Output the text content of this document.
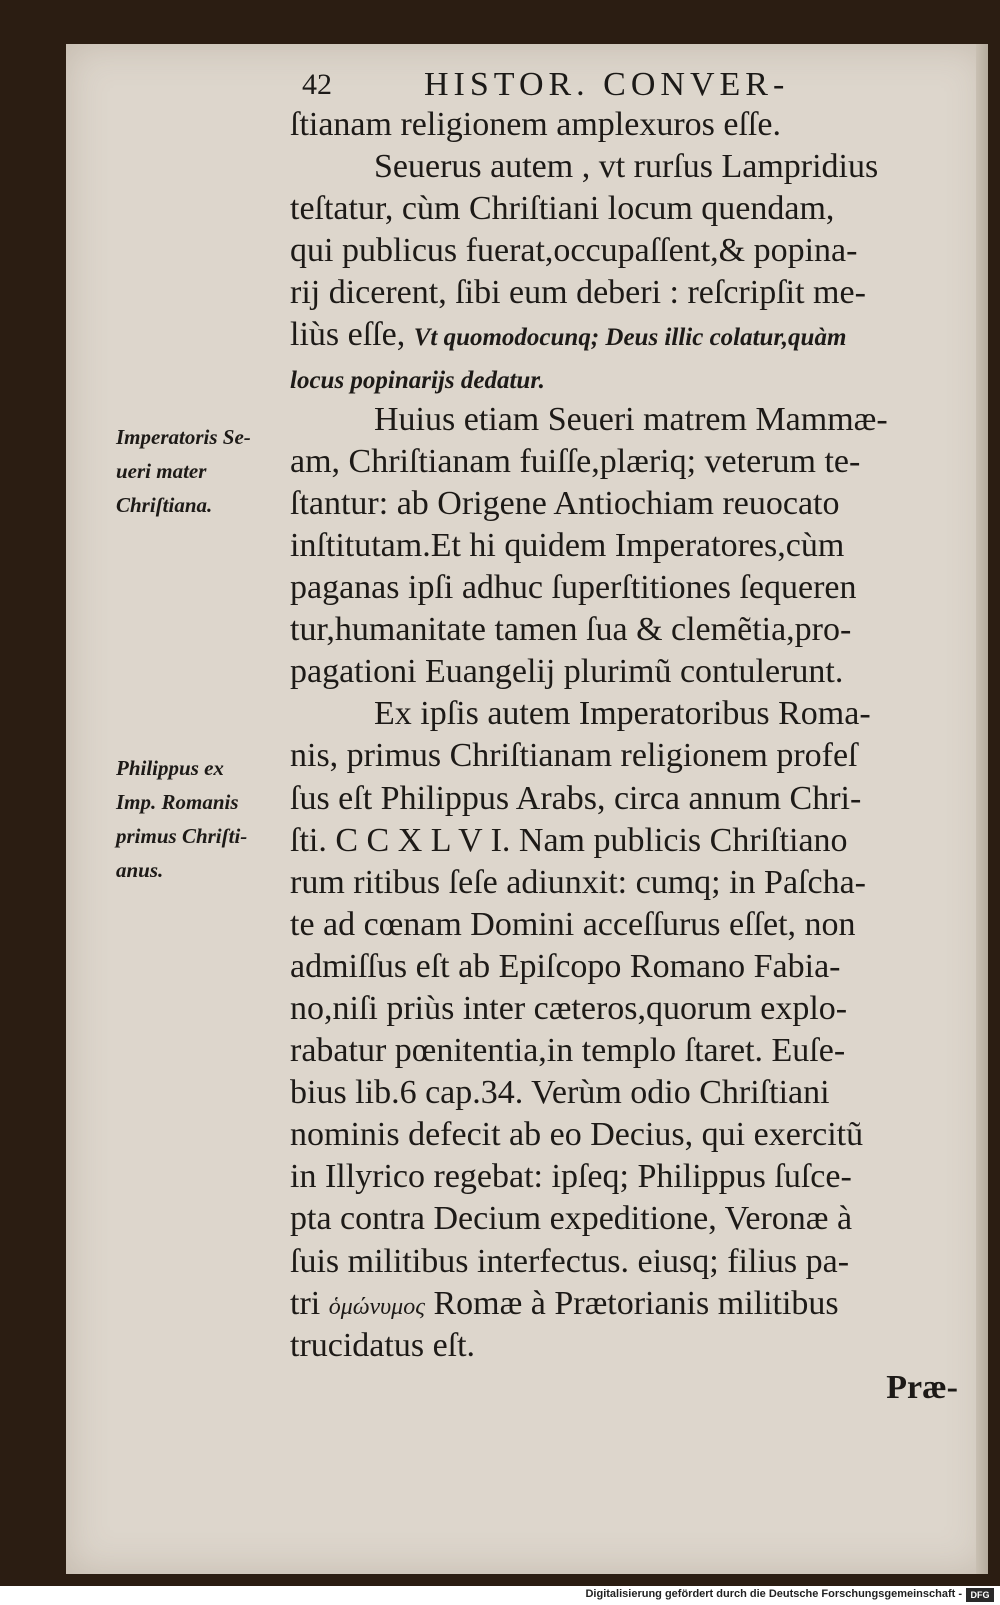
42	HISTOR. CONVER-
Imperatoris Se-
ueri mater
Chriſtiana.
Philippus ex
Imp. Romanis
primus Chriſti-
anus.
ſtianam religionem amplexuros eſſe.
Seuerus autem , vt rurſus Lampridius
teſtatur, cùm Chriſtiani locum quendam,
qui publicus fuerat,occupaſſent,& popina-
rij dicerent, ſibi eum deberi : reſcripſit me-
liùs eſſe, Vt quomodocunq; Deus illic colatur,quàm
locus popinarijs dedatur.
Huius etiam Seueri matrem Mammæ-
am, Chriſtianam fuiſſe,plæriq; veterum te-
ſtantur: ab Origene Antiochiam reuocato
inſtitutam.Et hi quidem Imperatores,cùm
paganas ipſi adhuc ſuperſtitiones ſequeren
tur,humanitate tamen ſua & clemẽtia,pro-
pagationi Euangelij plurimũ contulerunt.
Ex ipſis autem Imperatoribus Roma-
nis, primus Chriſtianam religionem profeſ
ſus eſt Philippus Arabs, circa annum Chri-
ſti. C C X L V I. Nam publicis Chriſtiano
rum ritibus ſeſe adiunxit: cumq; in Paſcha-
te ad cœnam Domini acceſſurus eſſet, non
admiſſus eſt ab Epiſcopo Romano Fabia-
no,niſi priùs inter cæteros,quorum explo-
rabatur pœnitentia,in templo ſtaret. Euſe-
bius lib.6 cap.34. Verùm odio Chriſtiani
nominis defecit ab eo Decius, qui exercitũ
in Illyrico regebat: ipſeq; Philippus ſuſce-
pta contra Decium expeditione, Veronæ à
ſuis militibus interfectus. eiusq; filius pa-
tri ὁμώνυμος Romæ à Prætorianis militibus
trucidatus eſt.
Præ-
Digitalisierung gefördert durch die Deutsche Forschungsgemeinschaft - DFG
